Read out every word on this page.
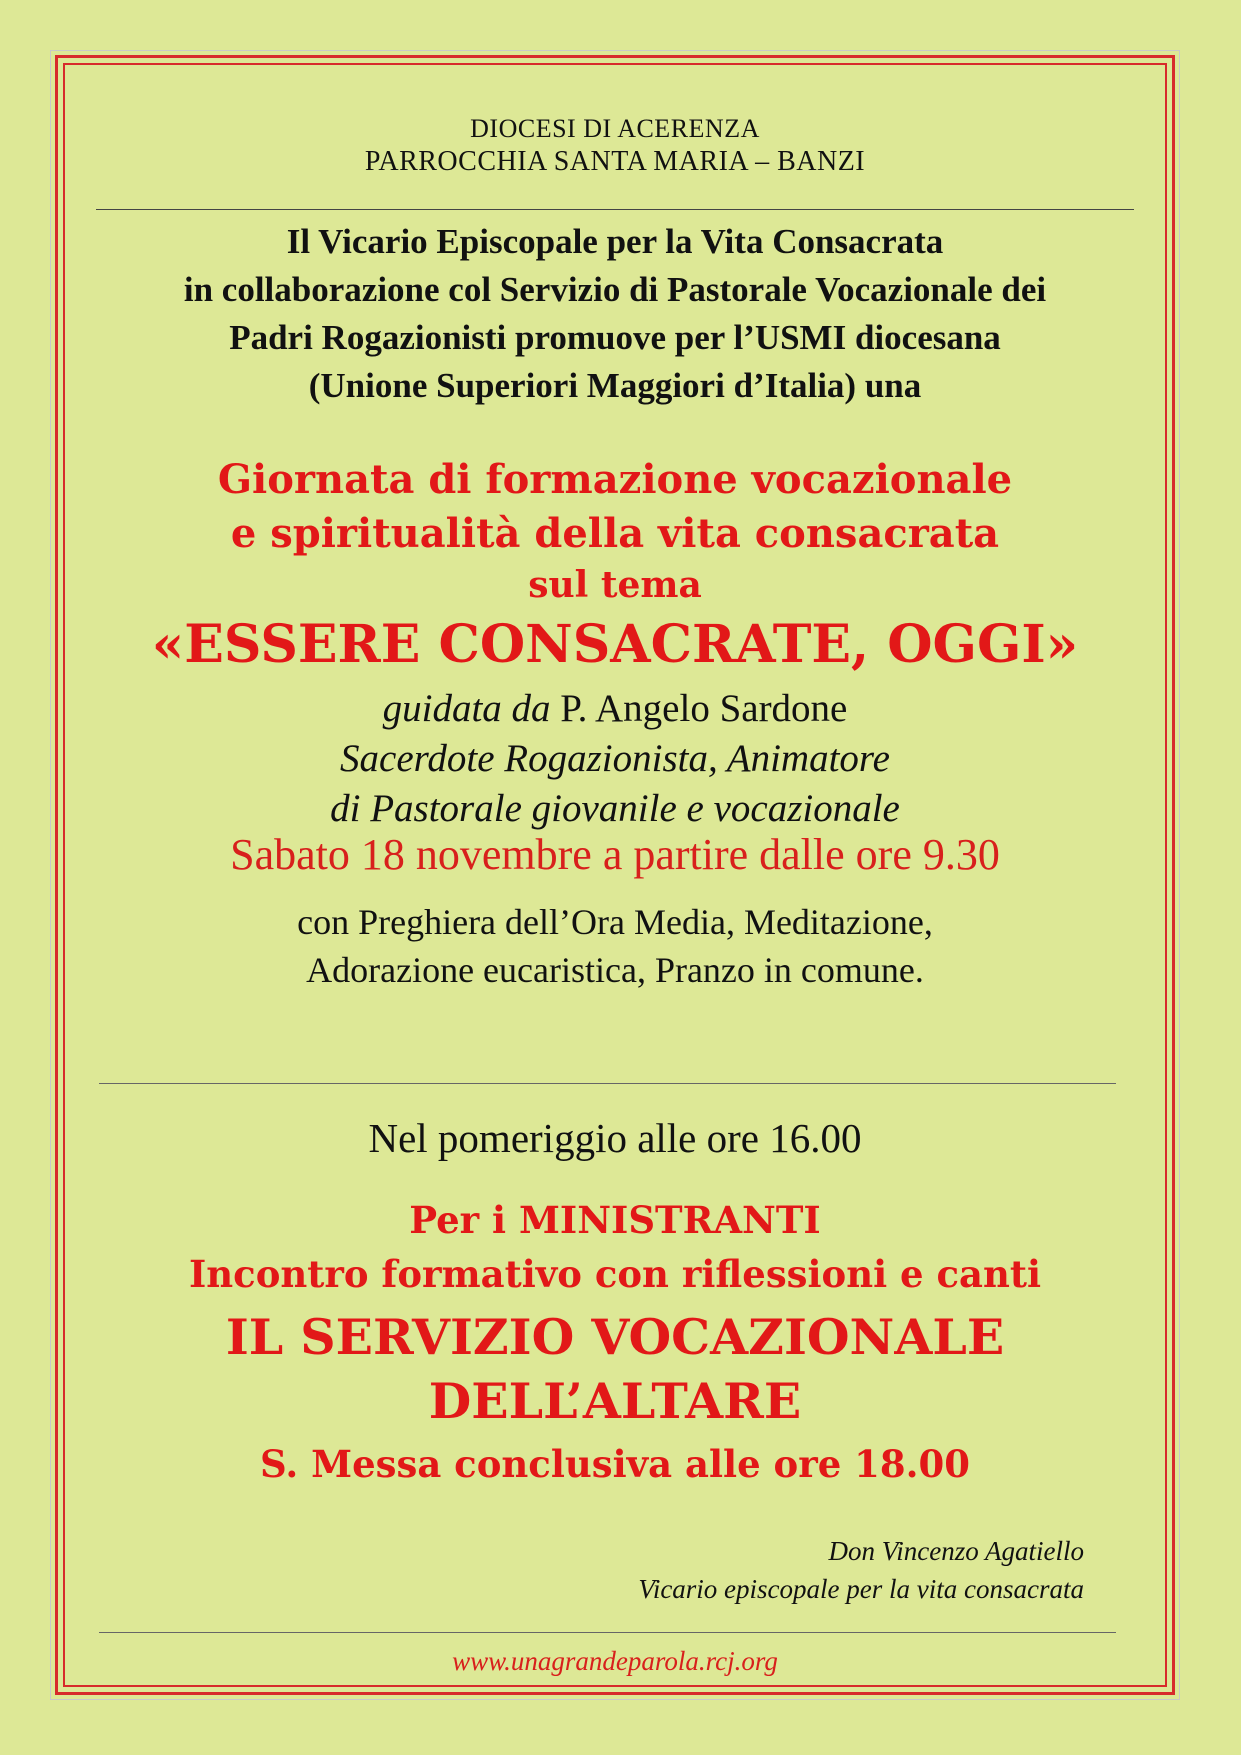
DIOCESI DI ACERENZA
PARROCCHIA SANTA MARIA – BANZI
Il Vicario Episcopale per la Vita Consacrata
in collaborazione col Servizio di Pastorale Vocazionale dei
Padri Rogazionisti promuove per l’USMI diocesana
(Unione Superiori Maggiori d’Italia) una
Giornata di formazione vocazionale
e spiritualità della vita consacrata
sul tema
«ESSERE CONSACRATE, OGGI»
guidata da P. Angelo Sardone
Sacerdote Rogazionista, Animatore
di Pastorale giovanile e vocazionale
Sabato 18 novembre a partire dalle ore 9.30
con Preghiera dell’Ora Media, Meditazione,
Adorazione eucaristica, Pranzo in comune.
Nel pomeriggio alle ore 16.00
Per i MINISTRANTI
Incontro formativo con riflessioni e canti
IL SERVIZIO VOCAZIONALE
DELL’ALTARE
S. Messa conclusiva alle ore 18.00
Don Vincenzo Agatiello
Vicario episcopale per la vita consacrata
www.unagrandeparola.rcj.org
